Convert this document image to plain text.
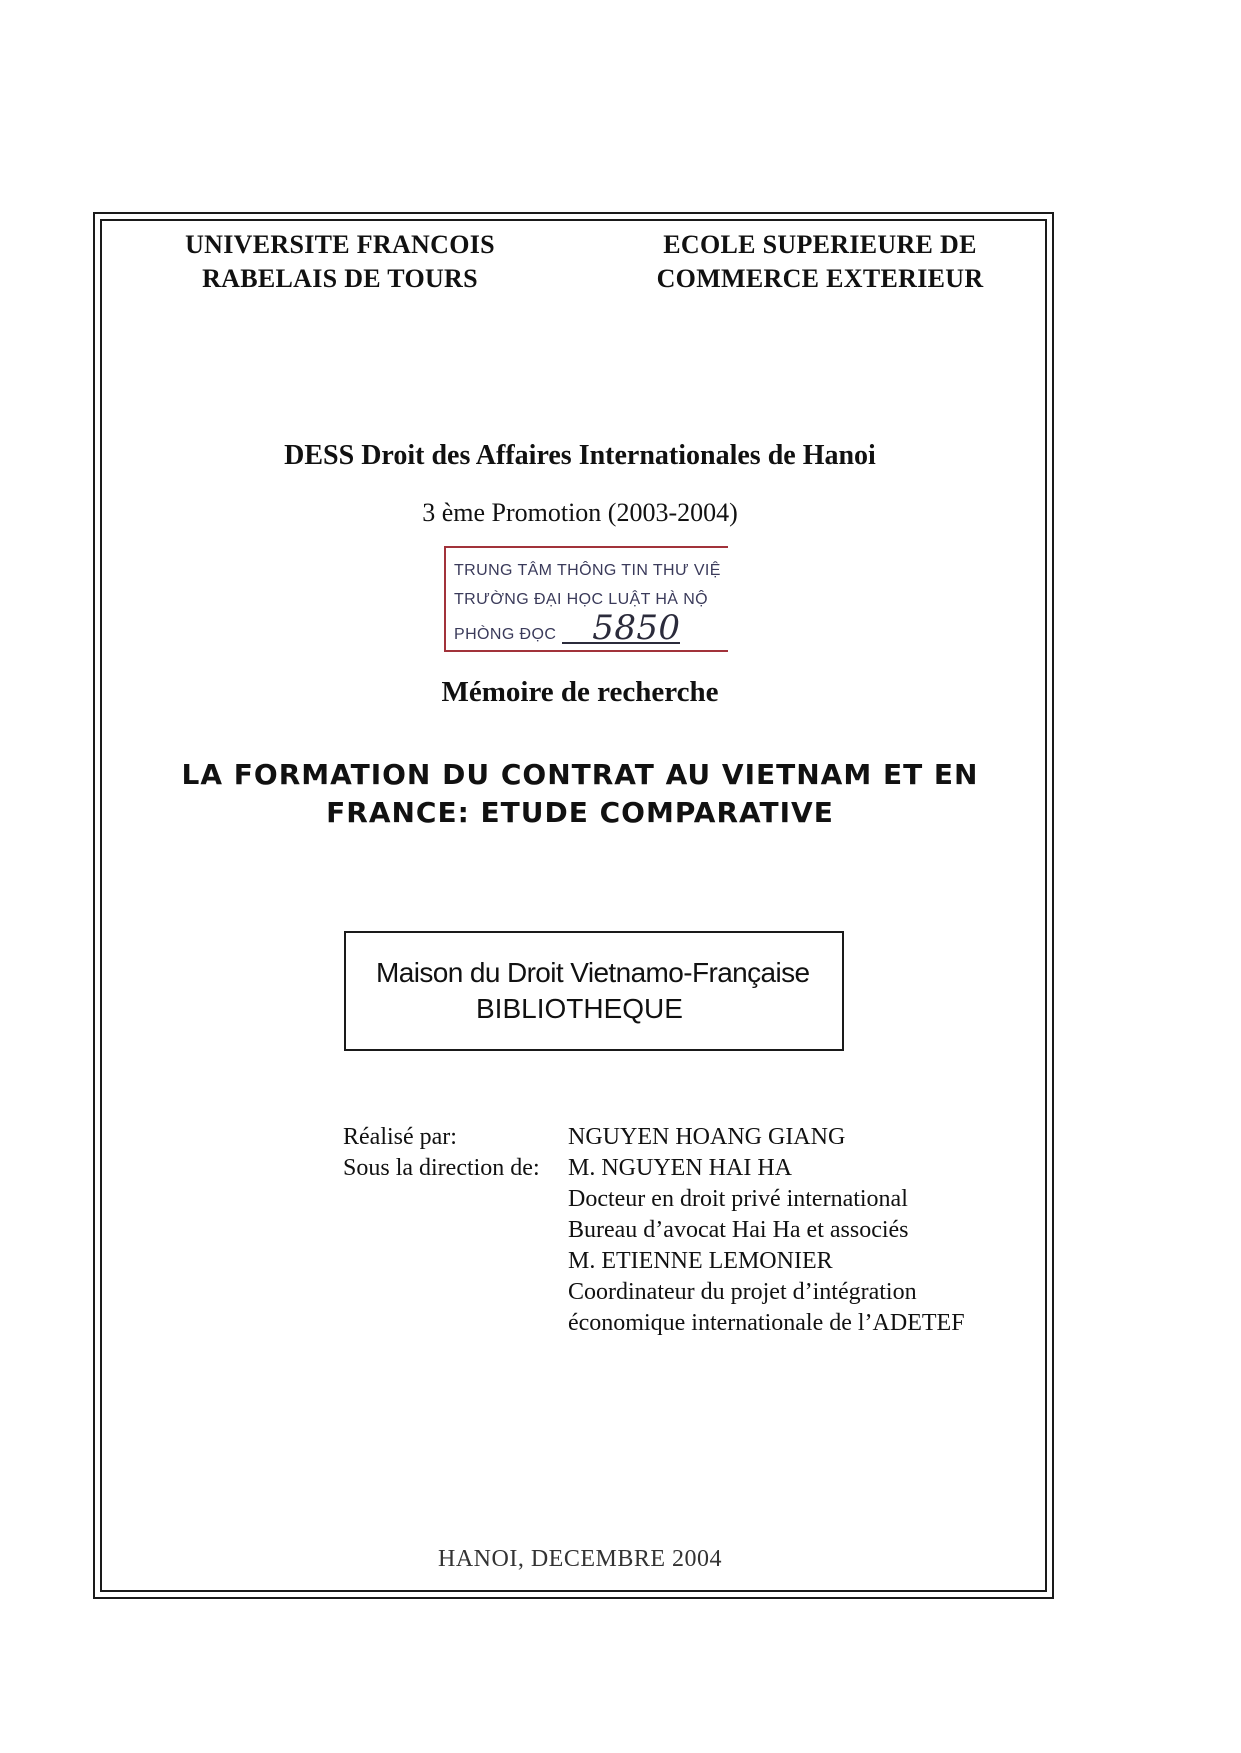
UNIVERSITE FRANCOIS
RABELAIS DE TOURS
ECOLE SUPERIEURE DE
COMMERCE EXTERIEUR
DESS Droit des Affaires Internationales de Hanoi
3 ème Promotion (2003-2004)
TRUNG TÂM THÔNG TIN THƯ VIỆ
TRƯỜNG ĐẠI HỌC LUẬT HÀ NỘ
PHÒNG ĐỌC 5850
Mémoire de recherche
LA FORMATION DU CONTRAT AU VIETNAM ET EN
FRANCE: ETUDE COMPARATIVE
Maison du Droit Vietnamo-Française
BIBLIOTHEQUE
Réalisé par:	NGUYEN HOANG GIANG
Sous la direction de: M. NGUYEN HAI HA
Docteur en droit privé international
Bureau d’avocat Hai Ha et associés
M. ETIENNE LEMONIER
Coordinateur du projet d’intégration
économique internationale de l’ADETEF
HANOI, DECEMBRE 2004
